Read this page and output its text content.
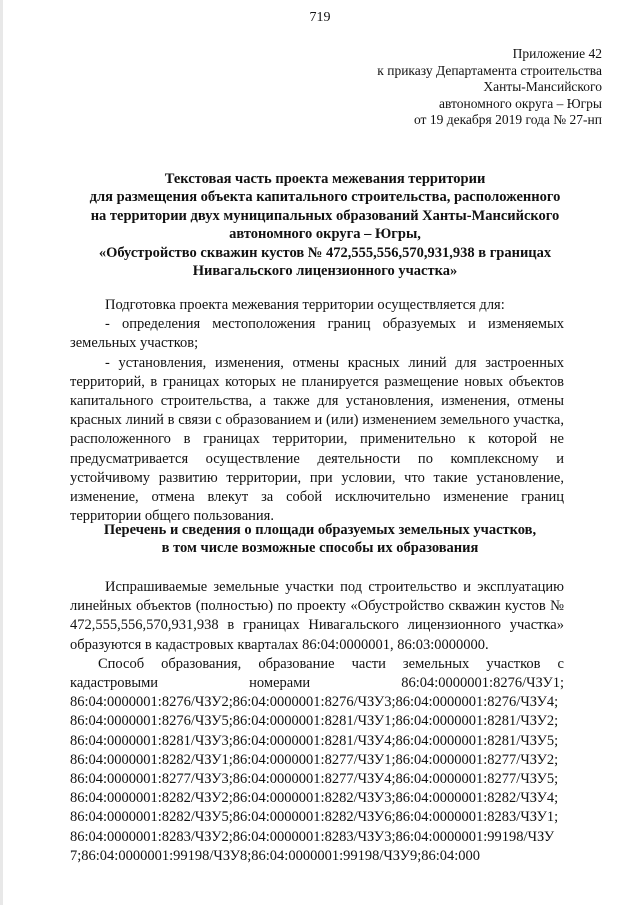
719
Приложение 42
к приказу Департамента строительства
Ханты-Мансийского
автономного округа – Югры
от 19 декабря 2019 года № 27-нп
Текстовая часть проекта межевания территории
для размещения объекта капитального строительства, расположенного
на территории двух муниципальных образований Ханты-Мансийского
автономного округа – Югры,
«Обустройство скважин кустов № 472,555,556,570,931,938 в границах
Нивагальского лицензионного участка»

Подготовка проекта межевания территории осуществляется для:

- определения местоположения границ образуемых и изменяемых земельных участков;

- установления, изменения, отмены красных линий для застроенных территорий, в границах которых не планируется размещение новых объектов капитального строительства, а также для установления, изменения, отмены красных линий в связи с образованием и (или) изменением земельного участка, расположенного в границах территории, применительно к которой не предусматривается осуществление деятельности по комплексному и устойчивому развитию территории, при условии, что такие установление, изменение, отмена влекут за собой исключительно изменение границ территории общего пользования.

Перечень и сведения о площади образуемых земельных участков,
в том числе возможные способы их образования

Испрашиваемые земельные участки под строительство и эксплуатацию линейных объектов (полностью) по проекту «Обустройство скважин кустов № 472,555,556,570,931,938 в границах Нивагальского лицензионного участка» образуются в кадастровых кварталах 86:04:0000001, 86:03:0000000.

Способ образования, образование части земельных участков с

кадастровыми	номерами	86:04:0000001:8276/ЧЗУ1;

86:04:0000001:8276/ЧЗУ2;86:04:0000001:8276/ЧЗУ3;86:04:0000001:8276/ЧЗУ4;86:04:0000001:8276/ЧЗУ5;86:04:0000001:8281/ЧЗУ1;86:04:0000001:8281/ЧЗУ2;86:04:0000001:8281/ЧЗУ3;86:04:0000001:8281/ЧЗУ4;86:04:0000001:8281/ЧЗУ5;86:04:0000001:8282/ЧЗУ1;86:04:0000001:8277/ЧЗУ1;86:04:0000001:8277/ЧЗУ2;86:04:0000001:8277/ЧЗУ3;86:04:0000001:8277/ЧЗУ4;86:04:0000001:8277/ЧЗУ5;86:04:0000001:8282/ЧЗУ2;86:04:0000001:8282/ЧЗУ3;86:04:0000001:8282/ЧЗУ4;86:04:0000001:8282/ЧЗУ5;86:04:0000001:8282/ЧЗУ6;86:04:0000001:8283/ЧЗУ1;86:04:0000001:8283/ЧЗУ2;86:04:0000001:8283/ЧЗУ3;86:04:0000001:99198/ЧЗУ7;86:04:0000001:99198/ЧЗУ8;86:04:0000001:99198/ЧЗУ9;86:04:000
